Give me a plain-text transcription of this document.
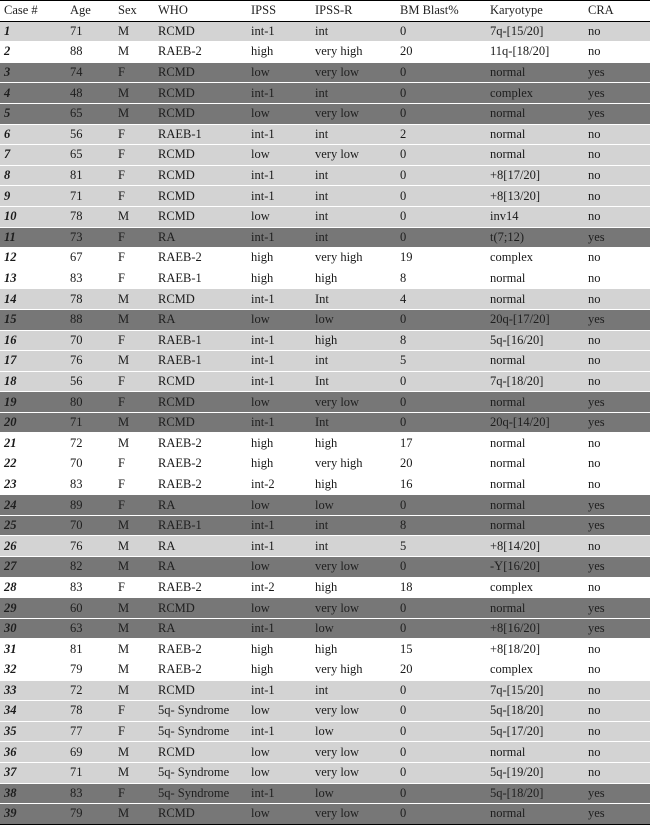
Case #	Age	Sex	WHO	IPSS	IPSS-R	BM Blast%	Karyotype	CRA
1	71	M	RCMD	int-1	int	0	7q-[15/20]	no
2	88	M	RAEB-2	high	very high	20	11q-[18/20]	no
3	74	F	RCMD	low	very low	0	normal	yes
4	48	M	RCMD	int-1	int	0	complex	yes
5	65	M	RCMD	low	very low	0	normal	yes
6	56	F	RAEB-1	int-1	int	2	normal	no
7	65	F	RCMD	low	very low	0	normal	no
8	81	F	RCMD	int-1	int	0	+8[17/20]	no
9	71	F	RCMD	int-1	int	0	+8[13/20]	no
10	78	M	RCMD	low	int	0	inv14	no
11	73	F	RA	int-1	int	0	t(7;12)	yes
12	67	F	RAEB-2	high	very high	19	complex	no
13	83	F	RAEB-1	high	high	8	normal	no
14	78	M	RCMD	int-1	Int	4	normal	no
15	88	M	RA	low	low	0	20q-[17/20]	yes
16	70	F	RAEB-1	int-1	high	8	5q-[16/20]	no
17	76	M	RAEB-1	int-1	int	5	normal	no
18	56	F	RCMD	int-1	Int	0	7q-[18/20]	no
19	80	F	RCMD	low	very low	0	normal	yes
20	71	M	RCMD	int-1	Int	0	20q-[14/20]	yes
21	72	M	RAEB-2	high	high	17	normal	no
22	70	F	RAEB-2	high	very high	20	normal	no
23	83	F	RAEB-2	int-2	high	16	normal	no
24	89	F	RA	low	low	0	normal	yes
25	70	M	RAEB-1	int-1	int	8	normal	yes
26	76	M	RA	int-1	int	5	+8[14/20]	no
27	82	M	RA	low	very low	0	-Y[16/20]	yes
28	83	F	RAEB-2	int-2	high	18	complex	no
29	60	M	RCMD	low	very low	0	normal	yes
30	63	M	RA	int-1	low	0	+8[16/20]	yes
31	81	M	RAEB-2	high	high	15	+8[18/20]	no
32	79	M	RAEB-2	high	very high	20	complex	no
33	72	M	RCMD	int-1	int	0	7q-[15/20]	no
34	78	F	5q- Syndrome	low	very low	0	5q-[18/20]	no
35	77	F	5q- Syndrome	int-1	low	0	5q-[17/20]	no
36	69	M	RCMD	low	very low	0	normal	no
37	71	M	5q- Syndrome	low	very low	0	5q-[19/20]	no
38	83	F	5q- Syndrome	int-1	low	0	5q-[18/20]	yes
39	79	M	RCMD	low	very low	0	normal	yes
